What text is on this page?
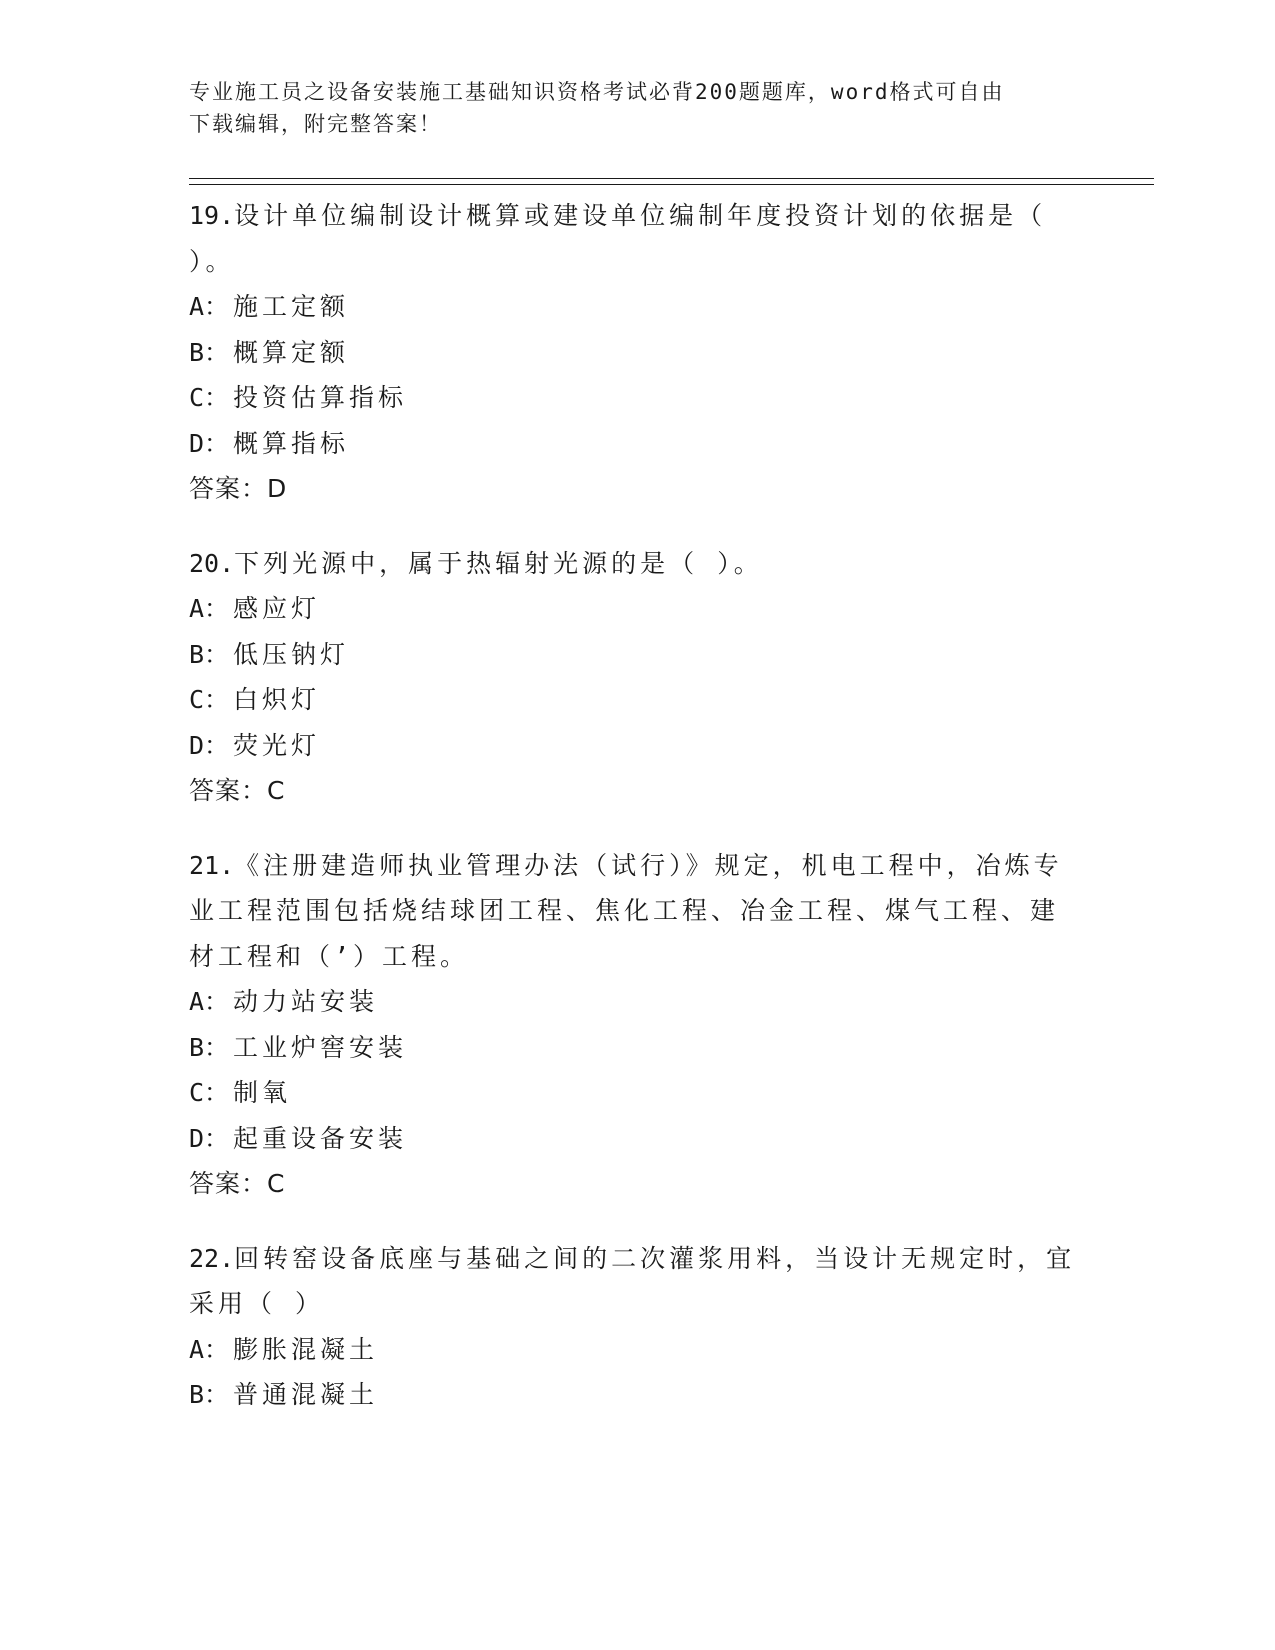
专业施工员之设备安装施工基础知识资格考试必背200题题库，word格式可自由
下载编辑，附完整答案！
19.设计单位编制设计概算或建设单位编制年度投资计划的依据是（ ）。
A： 施工定额
B： 概算定额
C： 投资估算指标
D： 概算指标
答案：D
20.下列光源中，属于热辐射光源的是（ ）。
A： 感应灯
B： 低压钠灯
C： 白炽灯
D： 荧光灯
答案：C
21.《注册建造师执业管理办法（试行）》规定，机电工程中，冶炼专业工程范围包括烧结球团工程、焦化工程、冶金工程、煤气工程、建材工程和（’）工程。
A： 动力站安装
B： 工业炉窖安装
C： 制氧
D： 起重设备安装
答案：C
22.回转窑设备底座与基础之间的二次灌浆用料，当设计无规定时，宜采用（ ）
A： 膨胀混凝土
B： 普通混凝土
